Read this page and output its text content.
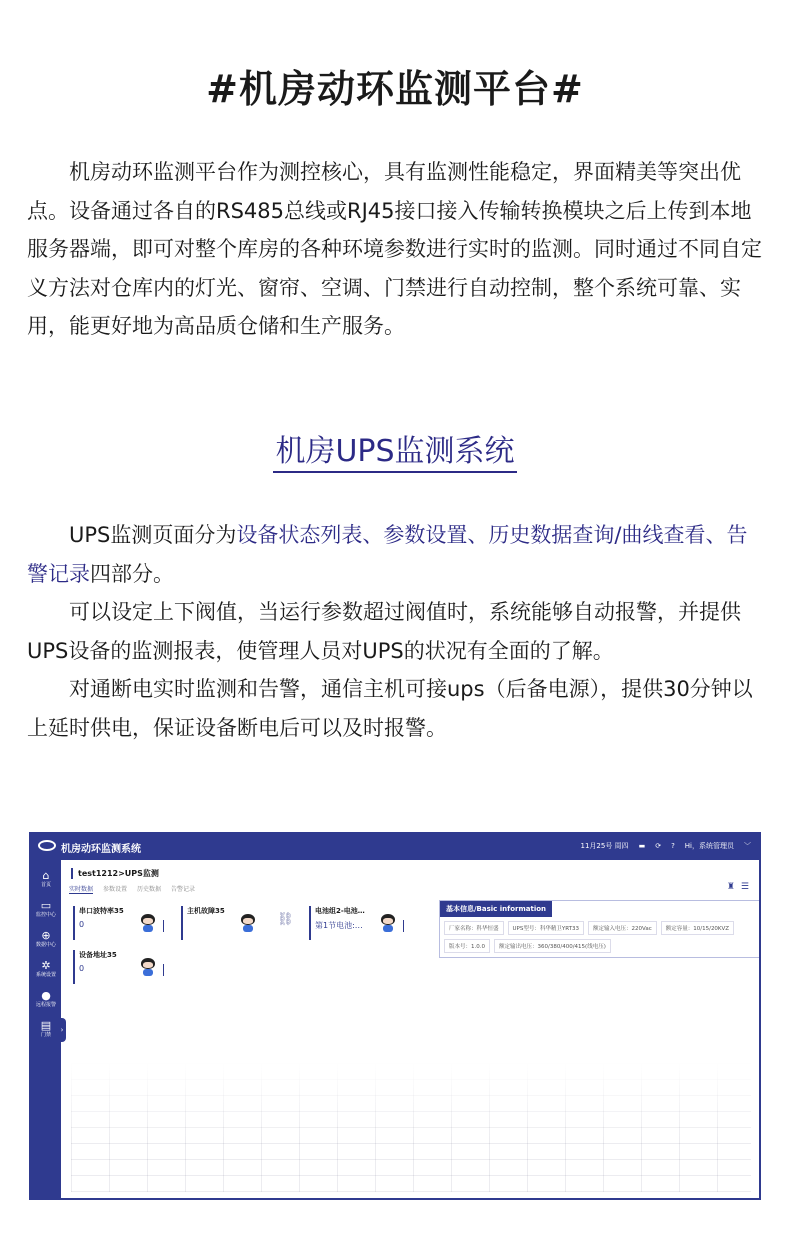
#机房动环监测平台#

机房动环监测平台作为测控核心，具有监测性能稳定，界面精美等突出优点。设备通过各自的RS485总线或RJ45接口接入传输转换模块之后上传到本地服务器端，即可对整个库房的各种环境参数进行实时的监测。同时通过不同自定义方法对仓库内的灯光、窗帘、空调、门禁进行自动控制，整个系统可靠、实用，能更好地为高品质仓储和生产服务。

机房UPS监测系统

UPS监测页面分为设备状态列表、参数设置、历史数据查询/曲线查看、告警记录四部分。

可以设定上下阀值，当运行参数超过阀值时，系统能够自动报警，并提供UPS设备的监测报表，使管理人员对UPS的状况有全面的了解。

对通断电实时监测和告警，通信主机可接ups（后备电源），提供30分钟以上延时供电，保证设备断电后可以及时报警。

机房动环监测系统	11月25号 周四 ▬ ⟳ ? Hi，系统管理员 ﹀
⌂
首页
▭
监控中心
⊕
数据中心
✲
系统设置
●
远程报警
▤
门禁
›
test1212>UPS监测
实时数据 参数设置 历史数据 告警记录	♜ ☰
串口波特率35
0
主机故障35
⛓
电池组2-电池…
第1节电池:…
设备地址35
0
基本信息/Basic information
厂家名称：科华恒盛	UPS型号：科华精卫YRT33	额定输入电压：220Vac	额定容量：10/15/20KVZ
版本号：1.0.0	额定输出电压：360/380/400/415(线电压)
